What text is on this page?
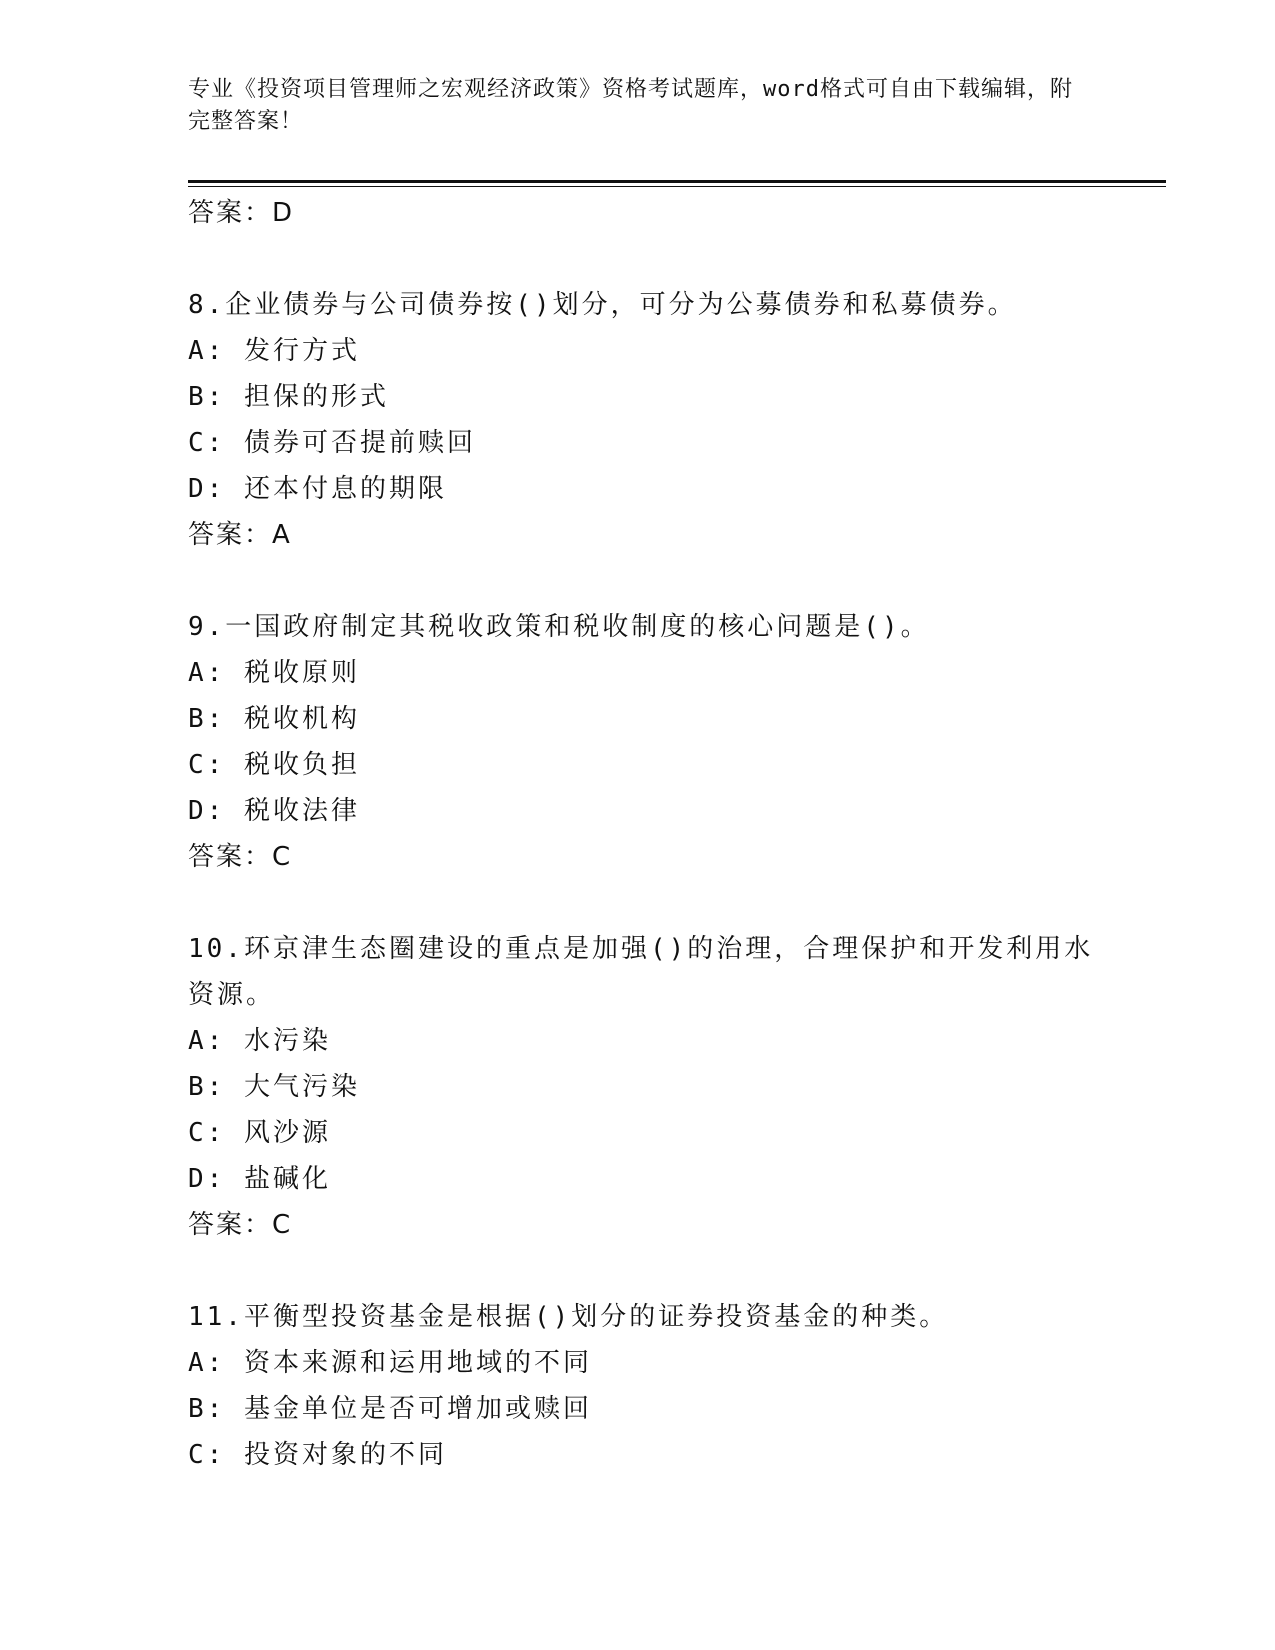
专业《投资项目管理师之宏观经济政策》资格考试题库，word格式可自由下载编辑，附完整答案！
答案：D
8.企业债券与公司债券按()划分，可分为公募债券和私募债券。
A: 发行方式
B: 担保的形式
C: 债券可否提前赎回
D: 还本付息的期限
答案：A
9.一国政府制定其税收政策和税收制度的核心问题是()。
A: 税收原则
B: 税收机构
C: 税收负担
D: 税收法律
答案：C
10.环京津生态圈建设的重点是加强()的治理，合理保护和开发利用水资源。
A: 水污染
B: 大气污染
C: 风沙源
D: 盐碱化
答案：C
11.平衡型投资基金是根据()划分的证券投资基金的种类。
A: 资本来源和运用地域的不同
B: 基金单位是否可增加或赎回
C: 投资对象的不同
